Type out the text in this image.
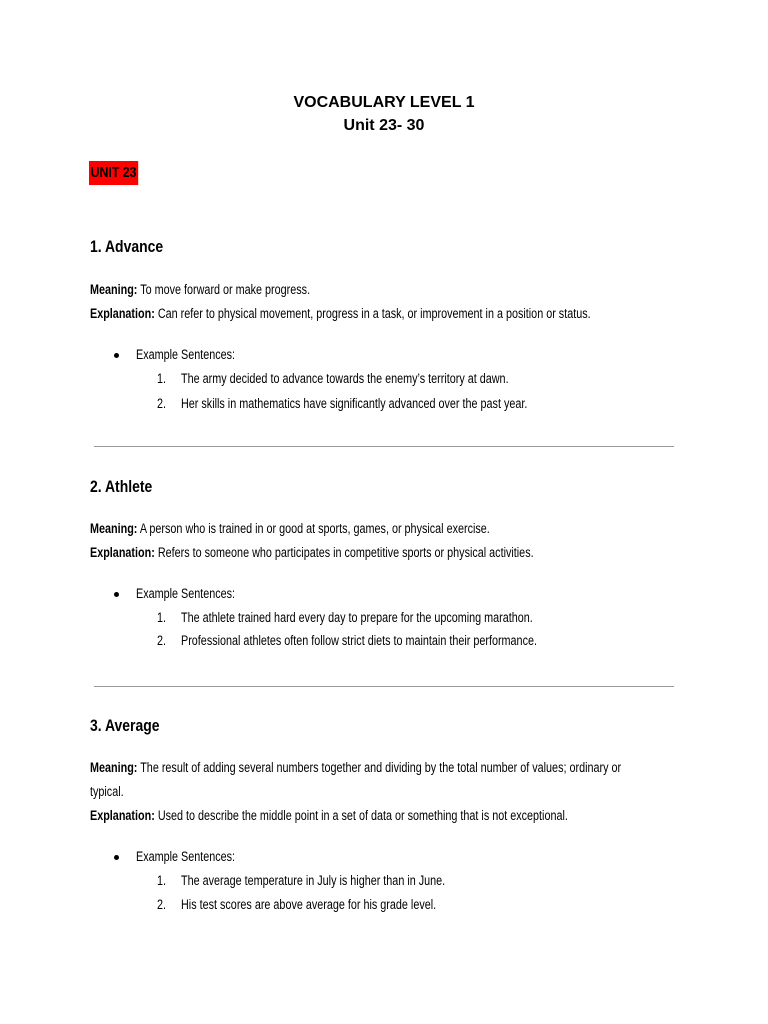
VOCABULARY LEVEL 1
Unit 23- 30
UNIT 23
1. Advance
Meaning: To move forward or make progress.
Explanation: Can refer to physical movement, progress in a task, or improvement in a position or status.
Example Sentences:
1. The army decided to advance towards the enemy’s territory at dawn.
2. Her skills in mathematics have significantly advanced over the past year.
2. Athlete
Meaning: A person who is trained in or good at sports, games, or physical exercise.
Explanation: Refers to someone who participates in competitive sports or physical activities.
Example Sentences:
1. The athlete trained hard every day to prepare for the upcoming marathon.
2. Professional athletes often follow strict diets to maintain their performance.
3. Average
Meaning: The result of adding several numbers together and dividing by the total number of values; ordinary or
typical.
Explanation: Used to describe the middle point in a set of data or something that is not exceptional.
Example Sentences:
1. The average temperature in July is higher than in June.
2. His test scores are above average for his grade level.
